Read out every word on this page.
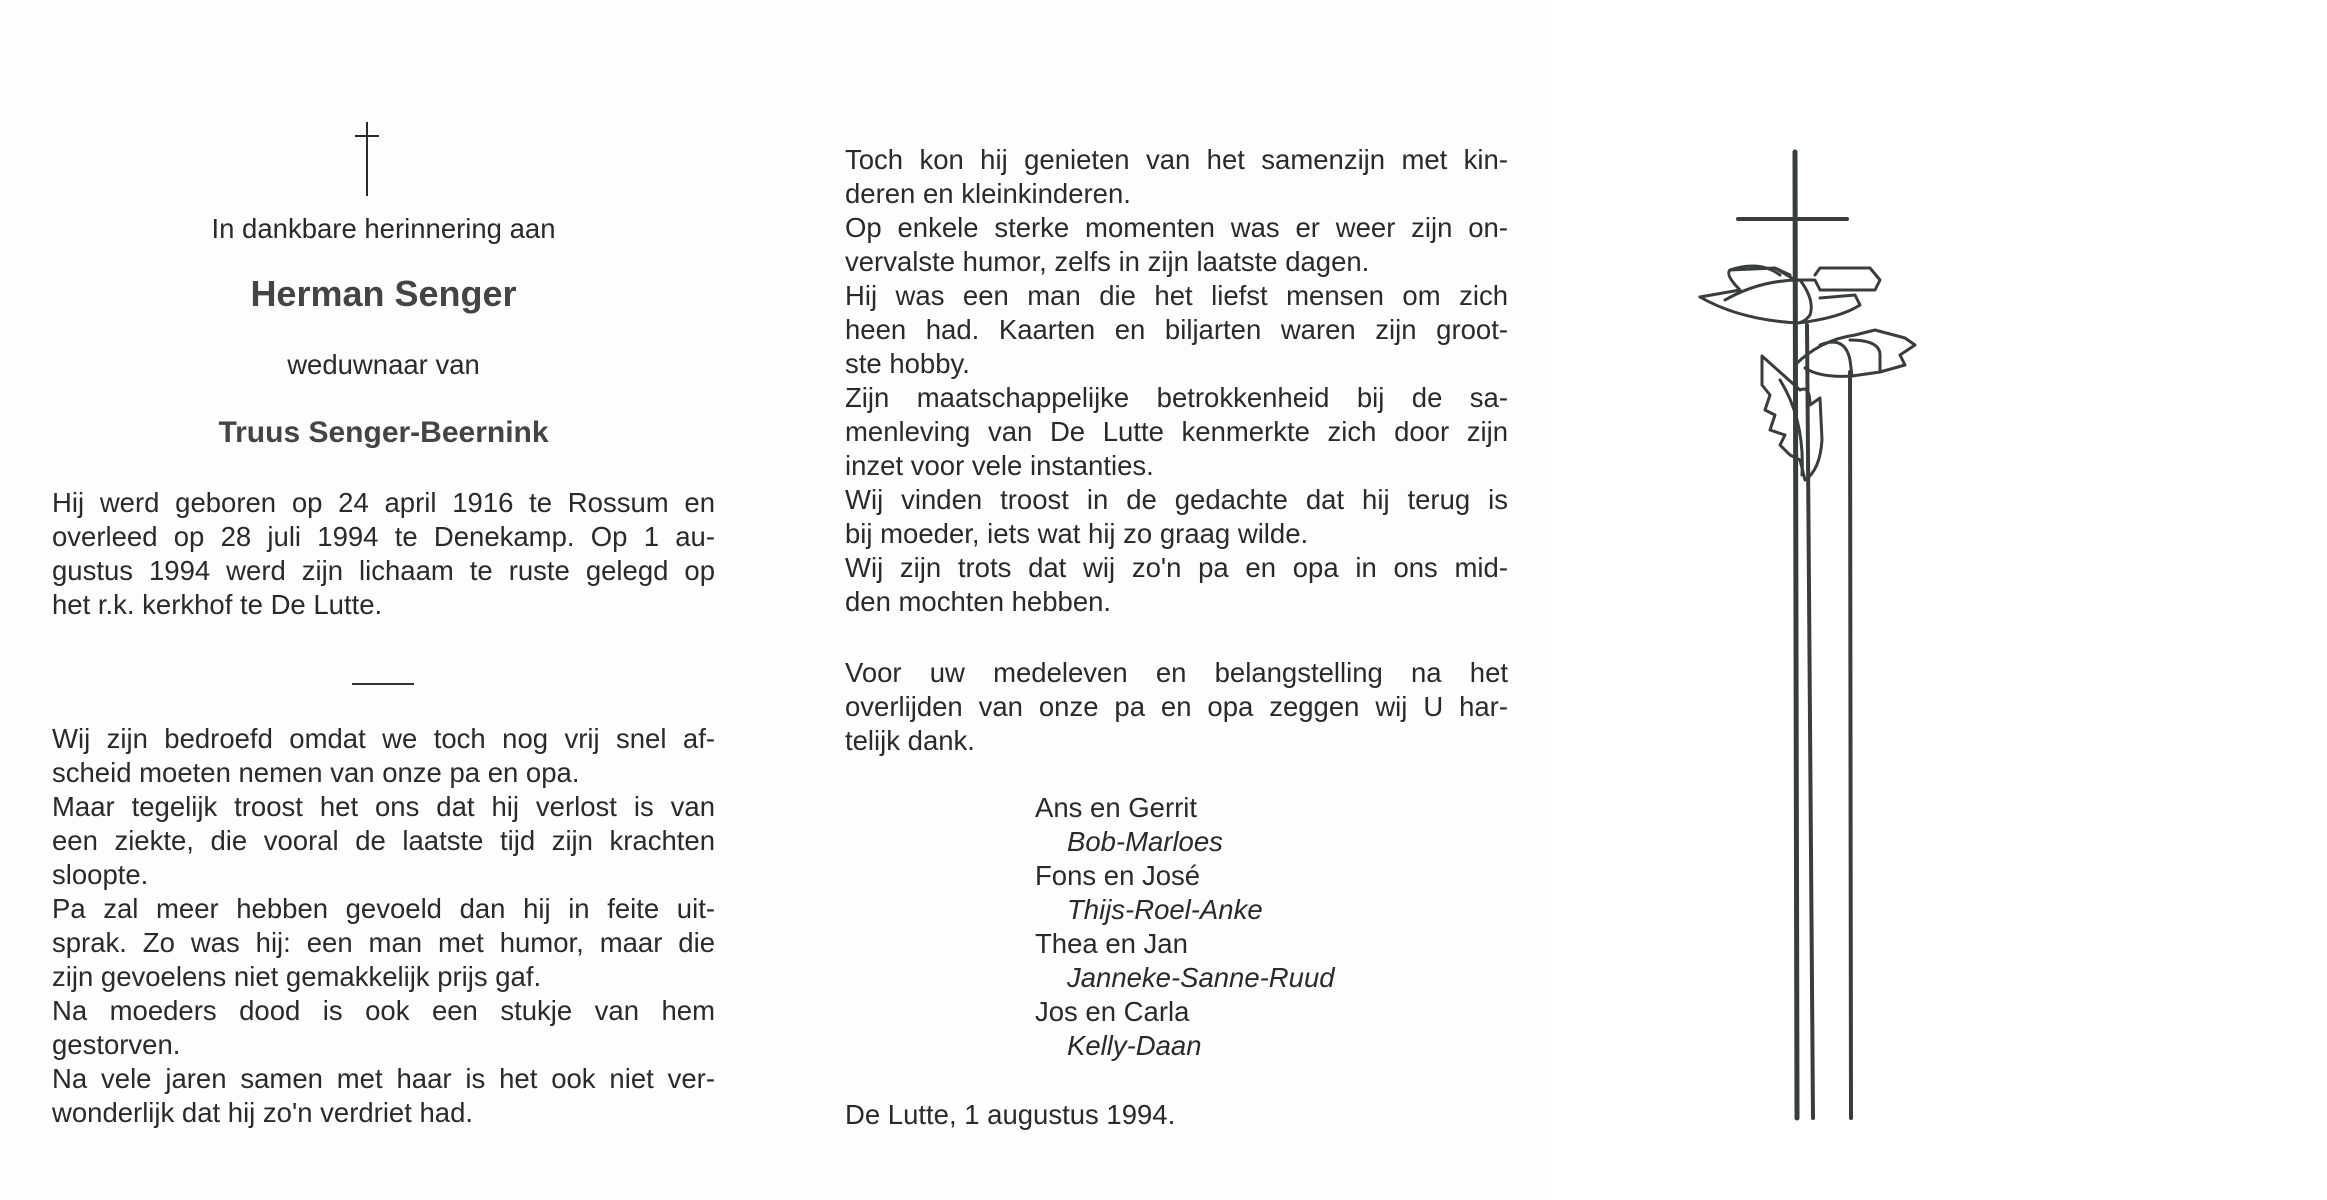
In dankbare herinnering aan
Herman Senger
weduwnaar van
Truus Senger-Beernink
Hij werd geboren op 24 april 1916 te Rossum en
overleed op 28 juli 1994 te Denekamp. Op 1 au-
gustus 1994 werd zijn lichaam te ruste gelegd op
het r.k. kerkhof te De Lutte.
Wij zijn bedroefd omdat we toch nog vrij snel af-
scheid moeten nemen van onze pa en opa.
Maar tegelijk troost het ons dat hij verlost is van
een ziekte, die vooral de laatste tijd zijn krachten
sloopte.
Pa zal meer hebben gevoeld dan hij in feite uit-
sprak. Zo was hij: een man met humor, maar die
zijn gevoelens niet gemakkelijk prijs gaf.
Na moeders dood is ook een stukje van hem
gestorven.
Na vele jaren samen met haar is het ook niet ver-
wonderlijk dat hij zo'n verdriet had.
Toch kon hij genieten van het samenzijn met kin-
deren en kleinkinderen.
Op enkele sterke momenten was er weer zijn on-
vervalste humor, zelfs in zijn laatste dagen.
Hij was een man die het liefst mensen om zich
heen had. Kaarten en biljarten waren zijn groot-
ste hobby.
Zijn maatschappelijke betrokkenheid bij de sa-
menleving van De Lutte kenmerkte zich door zijn
inzet voor vele instanties.
Wij vinden troost in de gedachte dat hij terug is
bij moeder, iets wat hij zo graag wilde.
Wij zijn trots dat wij zo'n pa en opa in ons mid-
den mochten hebben.
Voor uw medeleven en belangstelling na het
overlijden van onze pa en opa zeggen wij U har-
telijk dank.
Ans en Gerrit
Bob-Marloes
Fons en José
Thijs-Roel-Anke
Thea en Jan
Janneke-Sanne-Ruud
Jos en Carla
Kelly-Daan
De Lutte, 1 augustus 1994.
